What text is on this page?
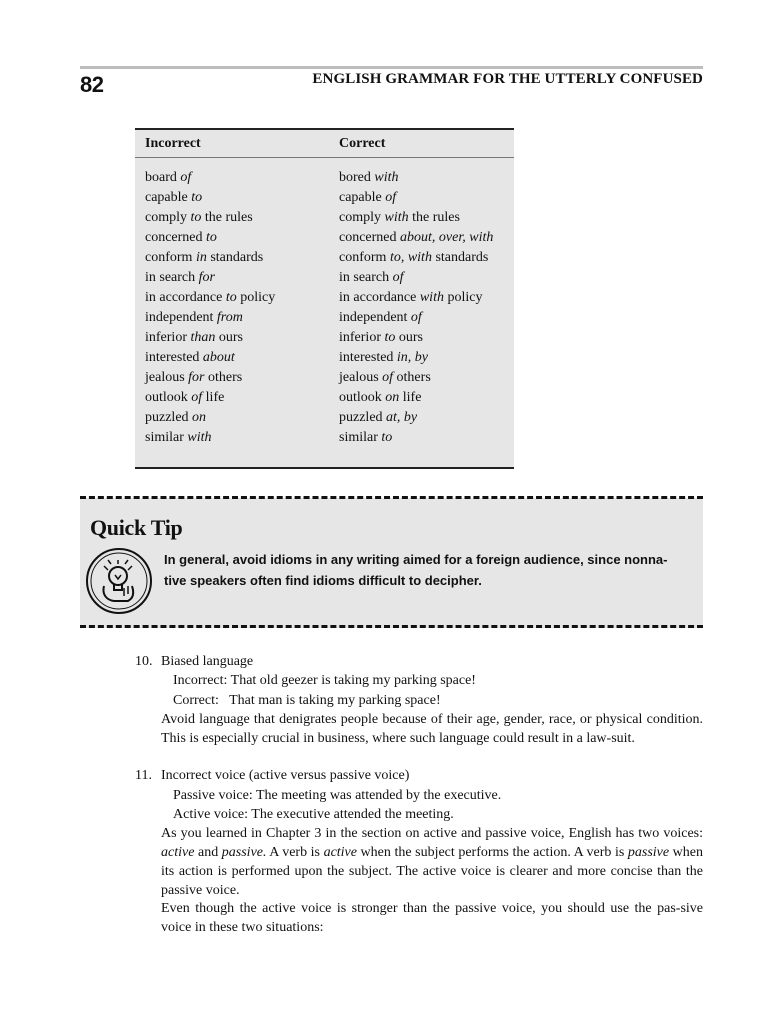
82	ENGLISH GRAMMAR FOR THE UTTERLY CONFUSED
Incorrect	Correct
board of	bored with
capable to	capable of
comply to the rules	comply with the rules
concerned to	concerned about, over, with
conform in standards	conform to, with standards
in search for	in search of
in accordance to policy	in accordance with policy
independent from	independent of
inferior than ours	inferior to ours
interested about	interested in, by
jealous for others	jealous of others
outlook of life	outlook on life
puzzled on	puzzled at, by
similar with	similar to
Quick Tip
In general, avoid idioms in any writing aimed for a foreign audience, since nonna-
tive speakers often find idioms difficult to decipher.
10. Biased language
Incorrect: That old geezer is taking my parking space!
Correct:   That man is taking my parking space!
Avoid language that denigrates people because of their age, gender, race, or physical condition. This is especially crucial in business, where such language could result in a law-suit.
11. Incorrect voice (active versus passive voice)
Passive voice: The meeting was attended by the executive.
Active voice: The executive attended the meeting.
As you learned in Chapter 3 in the section on active and passive voice, English has two voices: active and passive. A verb is active when the subject performs the action. A verb is passive when its action is performed upon the subject. The active voice is clearer and more concise than the passive voice.
Even though the active voice is stronger than the passive voice, you should use the pas-sive voice in these two situations:
